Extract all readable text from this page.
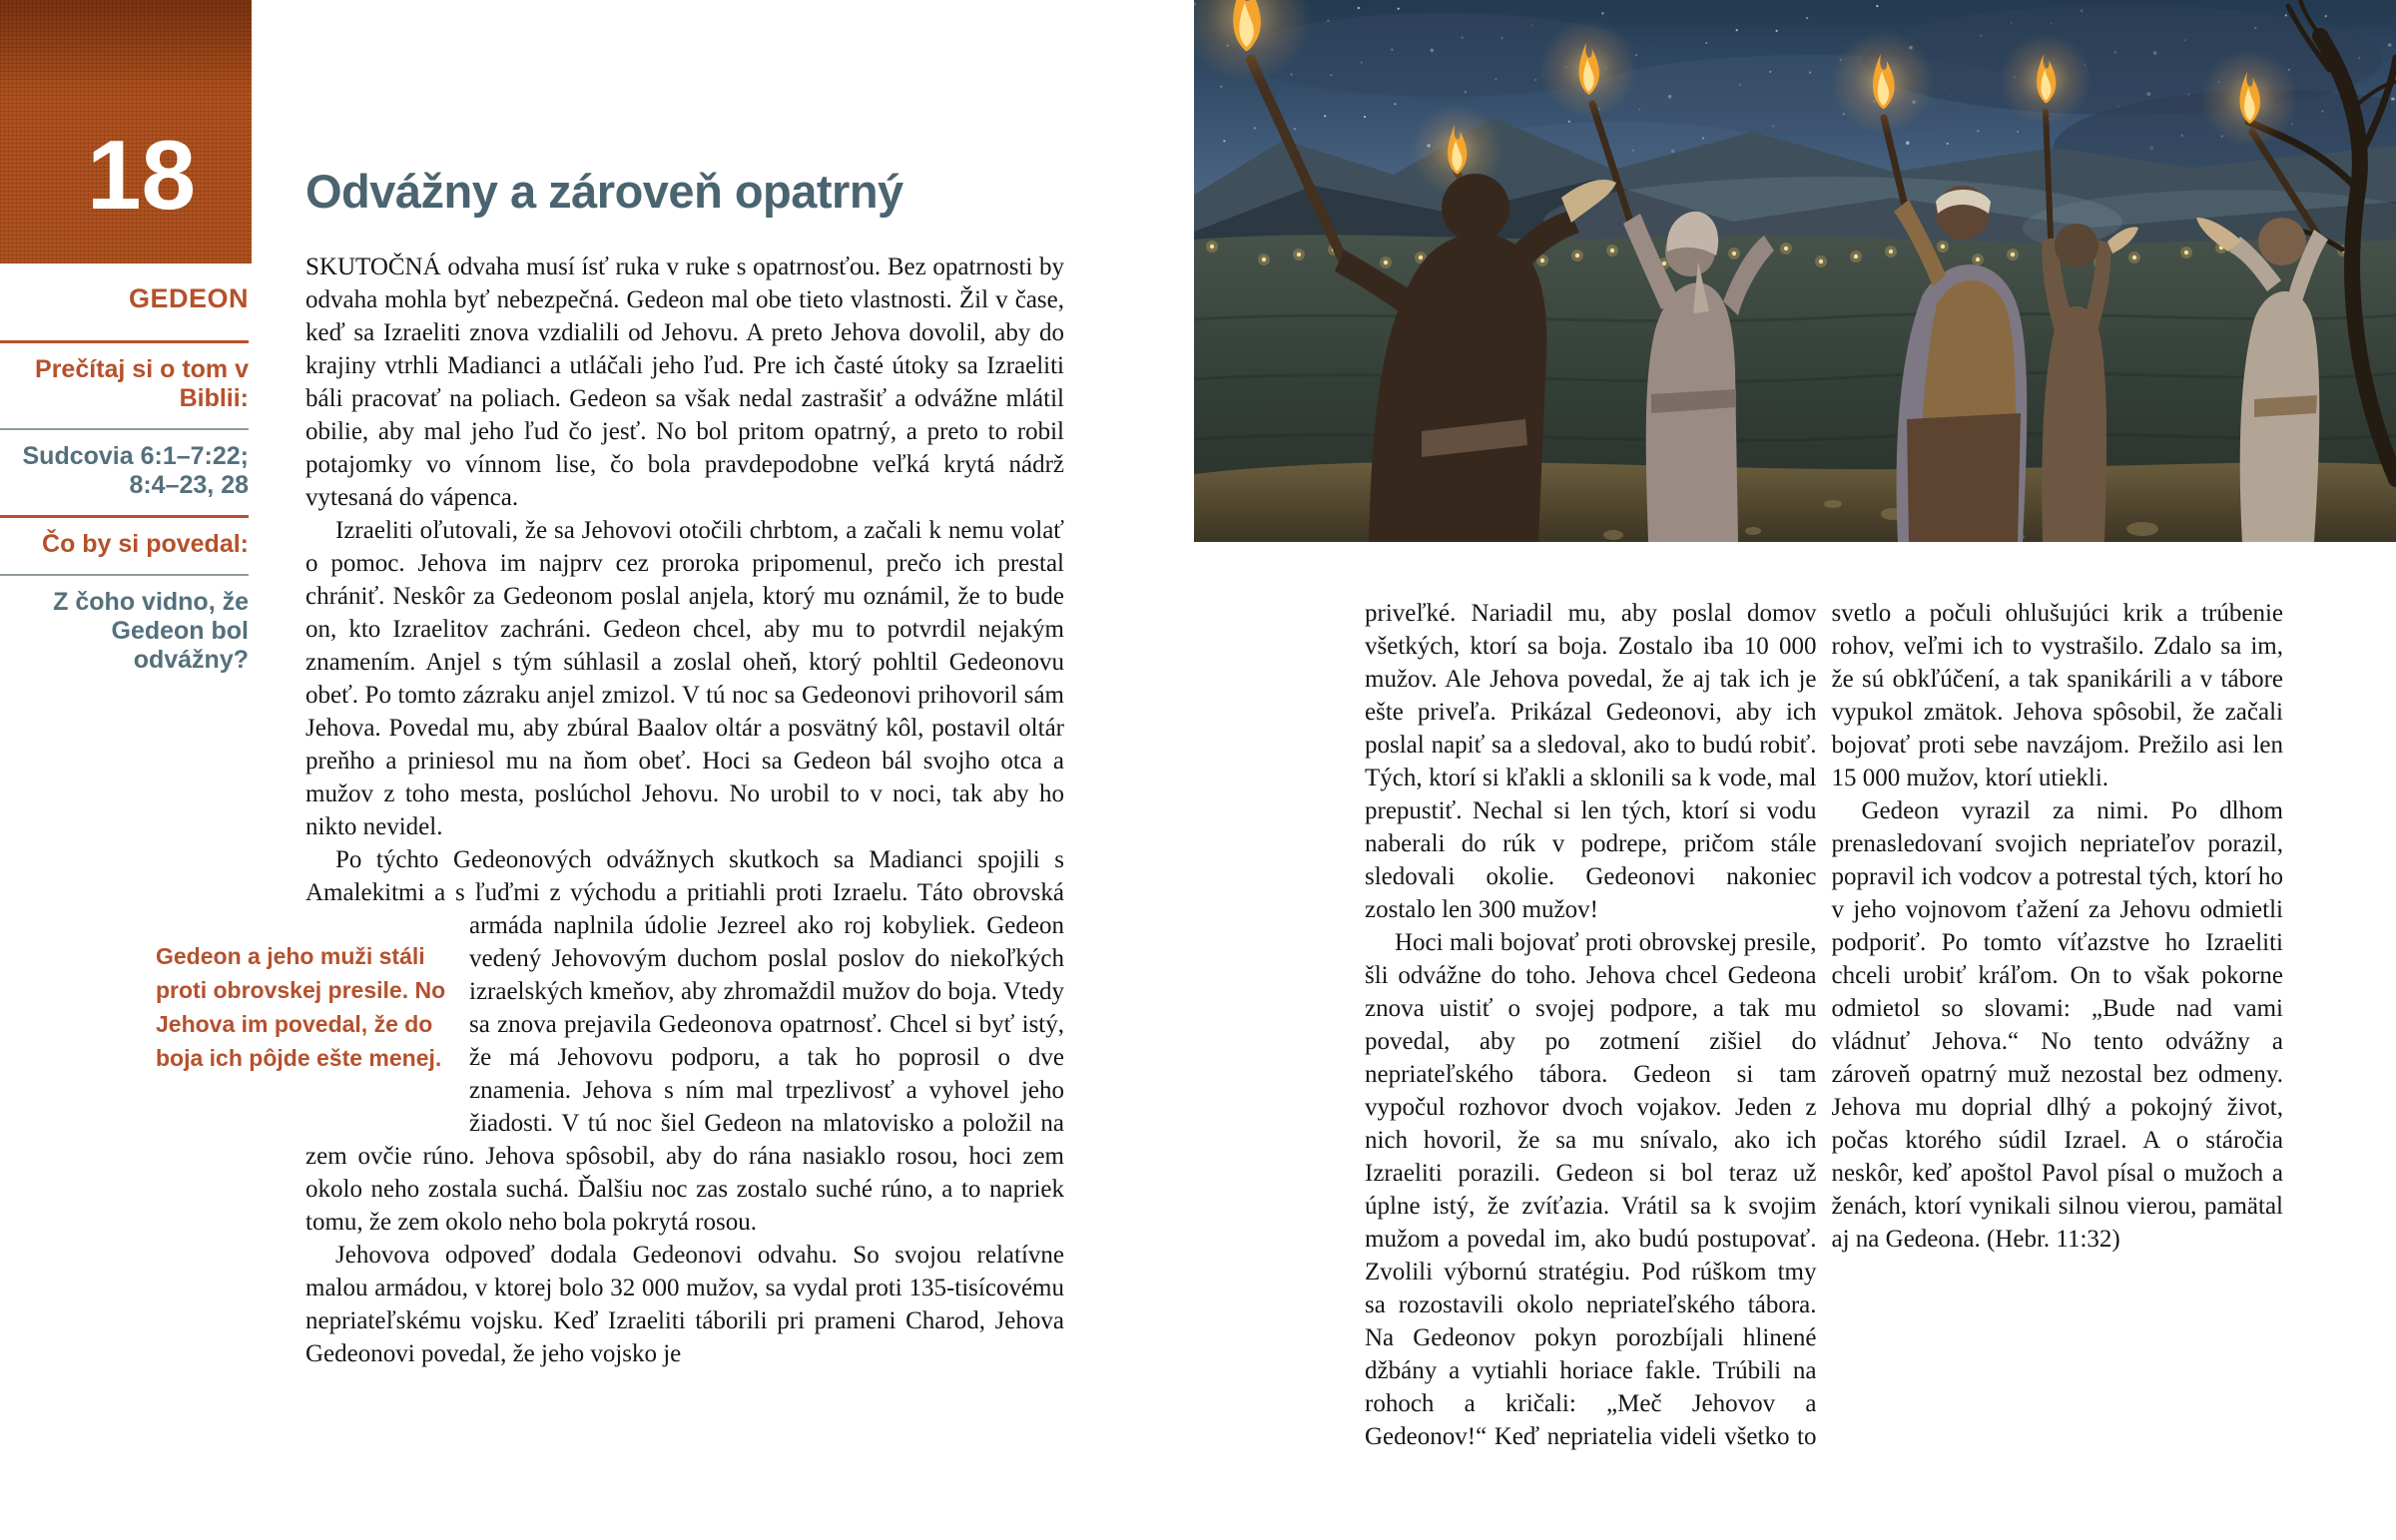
18
GEDEON
Prečítaj si o tom v Biblii:
Sudcovia 6:1–7:22; 8:4–23, 28
Čo by si povedal:
Z čoho vidno, že Gedeon bol odvážny?
Odvážny a zároveň opatrný

SKUTOČNÁ odvaha musí ísť ruka v ruke s opatrnosťou. Bez opatrnosti by odvaha mohla byť nebezpečná. Gedeon mal obe tieto vlastnosti. Žil v čase, keď sa Izraeliti znova vzdialili od Jehovu. A preto Jehova dovolil, aby do krajiny vtrhli Madianci a utláčali jeho ľud. Pre ich časté útoky sa Izraeliti báli pracovať na poliach. Gedeon sa však nedal zastrašiť a odvážne mlátil obilie, aby mal jeho ľud čo jesť. No bol pritom opatrný, a preto to robil potajomky vo vínnom lise, čo bola pravdepodobne veľká krytá nádrž vytesaná do vápenca.

Izraeliti oľutovali, že sa Jehovovi otočili chrbtom, a začali k nemu volať o pomoc. Jehova im najprv cez proroka pripomenul, prečo ich prestal chrániť. Neskôr za Gedeonom poslal anjela, ktorý mu oznámil, že to bude on, kto Izraelitov zachráni. Gedeon chcel, aby mu to potvrdil nejakým znamením. Anjel s tým súhlasil a zoslal oheň, ktorý pohltil Gedeonovu obeť. Po tomto zázraku anjel zmizol. V tú noc sa Gedeonovi prihovoril sám Jehova. Povedal mu, aby zbúral Baalov oltár a posvätný kôl, postavil oltár preňho a priniesol mu na ňom obeť. Hoci sa Gedeon bál svojho otca a mužov z toho mesta, poslúchol Jehovu. No urobil to v noci, tak aby ho nikto nevidel.

Po týchto Gedeonových odvážnych skutkoch sa Madianci spojili s Amalekitmi a s ľuďmi z východu a pritiahli proti Izraelu. Táto
Gedeon a jeho muži stáli proti obrovskej presile. No Jehova im povedal, že do boja ich pôjde ešte menej.
obrovská armáda naplnila údolie Jezreel ako roj kobyliek. Gedeon vedený Jehovovým duchom poslal poslov do niekoľkých izraelských kmeňov, aby zhromaždil mužov do boja. Vtedy sa znova prejavila Gedeonova opatrnosť. Chcel si byť istý, že má Jehovovu podporu, a tak ho poprosil o dve znamenia. Jehova s ním mal trpezlivosť a vyhovel jeho žiadosti. V tú noc šiel Gedeon na mlatovisko a položil na zem ovčie rúno. Jehova spôsobil, aby do rána nasiaklo rosou, hoci zem okolo neho zostala suchá. Ďalšiu noc zas zostalo suché rúno, a to napriek tomu, že zem okolo neho bola pokrytá rosou.

Jehovova odpoveď dodala Gedeonovi odvahu. So svojou relatívne malou armádou, v ktorej bolo 32 000 mužov, sa vydal proti 135-tisícovému nepriateľskému vojsku. Keď Izraeliti táborili pri prameni Charod, Jehova Gedeonovi povedal, že jeho vojsko je

priveľké. Nariadil mu, aby poslal domov všetkých, ktorí sa boja. Zostalo iba 10 000 mužov. Ale Jehova povedal, že aj tak ich je ešte priveľa. Prikázal Gedeonovi, aby ich poslal napiť sa a sledoval, ako to budú robiť. Tých, ktorí si kľakli a sklonili sa k vode, mal prepustiť. Nechal si len tých, ktorí si vodu naberali do rúk v podrepe, pričom stále sledovali okolie. Gedeonovi nakoniec zostalo len 300 mužov!

Hoci mali bojovať proti obrovskej presile, šli odvážne do toho. Jehova chcel Gedeona znova uistiť o svojej podpore, a tak mu povedal, aby po zotmení zišiel do nepriateľského tábora. Gedeon si tam vypočul rozhovor dvoch vojakov. Jeden z nich hovoril, že sa mu snívalo, ako ich Izraeliti porazili. Gedeon si bol teraz už úplne istý, že zvíťazia. Vrátil sa k svojim mužom a povedal im, ako budú postupovať. Zvolili výbornú stratégiu. Pod rúškom tmy sa rozostavili okolo nepriateľského tábora. Na Gedeonov pokyn porozbíjali hlinené džbány a vytiahli horiace fakle. Trúbili na rohoch a kričali: „Meč Jehovov a Gedeonov!“ Keď nepriatelia videli všetko to svetlo a počuli ohlušujúci krik a trúbenie rohov, veľmi ich to vystrašilo. Zdalo sa im, že sú obkľúčení, a tak spanikárili a v tábore vypukol zmätok. Jehova spôsobil, že začali bojovať proti sebe navzájom. Prežilo asi len 15 000 mužov, ktorí utiekli.

Gedeon vyrazil za nimi. Po dlhom prenasledovaní svojich nepriateľov porazil, popravil ich vodcov a potrestal tých, ktorí ho v jeho vojnovom ťažení za Jehovu odmietli podporiť. Po tomto víťazstve ho Izraeliti chceli urobiť kráľom. On to však pokorne odmietol so slovami: „Bude nad vami vládnuť Jehova.“ No tento odvážny a zároveň opatrný muž nezostal bez odmeny. Jehova mu doprial dlhý a pokojný život, počas ktorého súdil Izrael. A o stáročia neskôr, keď apoštol Pavol písal o mužoch a ženách, ktorí vynikali silnou vierou, pamätal aj na Gedeona. (Hebr. 11:32)
